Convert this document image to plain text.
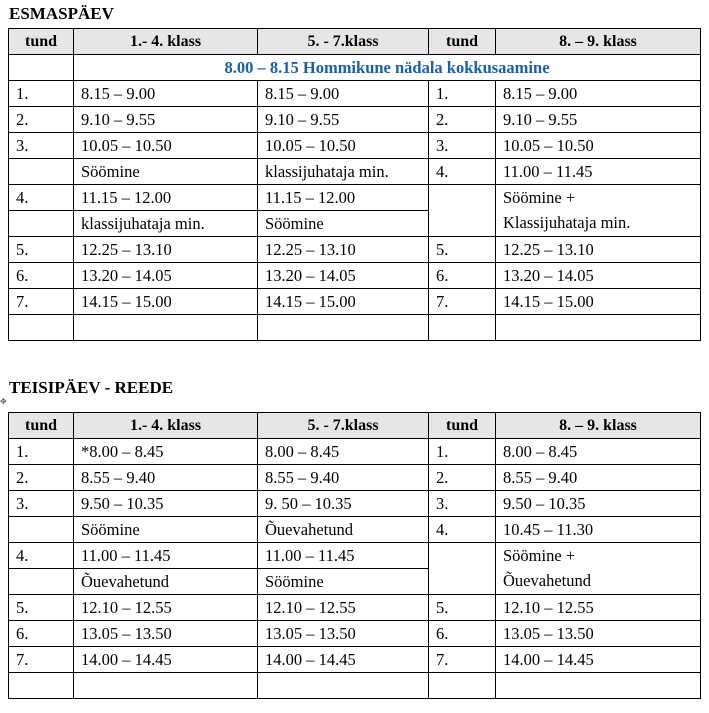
ESMASPÄEV
tund	1.- 4. klass	5. - 7.klass	tund	8. – 9. klass
	8.00 – 8.15 Hommikune nädala kokkusaamine			
1.	8.15 – 9.00	8.15 – 9.00	1.	8.15 – 9.00
2.	9.10 – 9.55	9.10 – 9.55	2.	9.10 – 9.55
3.	10.05 – 10.50	10.05 – 10.50	3.	10.05 – 10.50
	Söömine	klassijuhataja min.	4.	11.00 – 11.45
4.	11.15 – 12.00	11.15 – 12.00		Söömine +
	klassijuhataja min.	Söömine		Klassijuhataja min.
5.	12.25 – 13.10	12.25 – 13.10	5.	12.25 – 13.10
6.	13.20 – 14.05	13.20 – 14.05	6.	13.20 – 14.05
7.	14.15 – 15.00	14.15 – 15.00	7.	14.15 – 15.00

TEISIPÄEV - REEDE
✥
tund	1.- 4. klass	5. - 7.klass	tund	8. – 9. klass
1.	*8.00 – 8.45	8.00 – 8.45	1.	8.00 – 8.45
2.	8.55 – 9.40	8.55 – 9.40	2.	8.55 – 9.40
3.	9.50 – 10.35	9. 50 – 10.35	3.	9.50 – 10.35
	Söömine	Õuevahetund	4.	10.45 – 11.30
4.	11.00 – 11.45	11.00 – 11.45		Söömine +
	Õuevahetund	Söömine		Õuevahetund
5.	12.10 – 12.55	12.10 – 12.55	5.	12.10 – 12.55
6.	13.05 – 13.50	13.05 – 13.50	6.	13.05 – 13.50
7.	14.00 – 14.45	14.00 – 14.45	7.	14.00 – 14.45
